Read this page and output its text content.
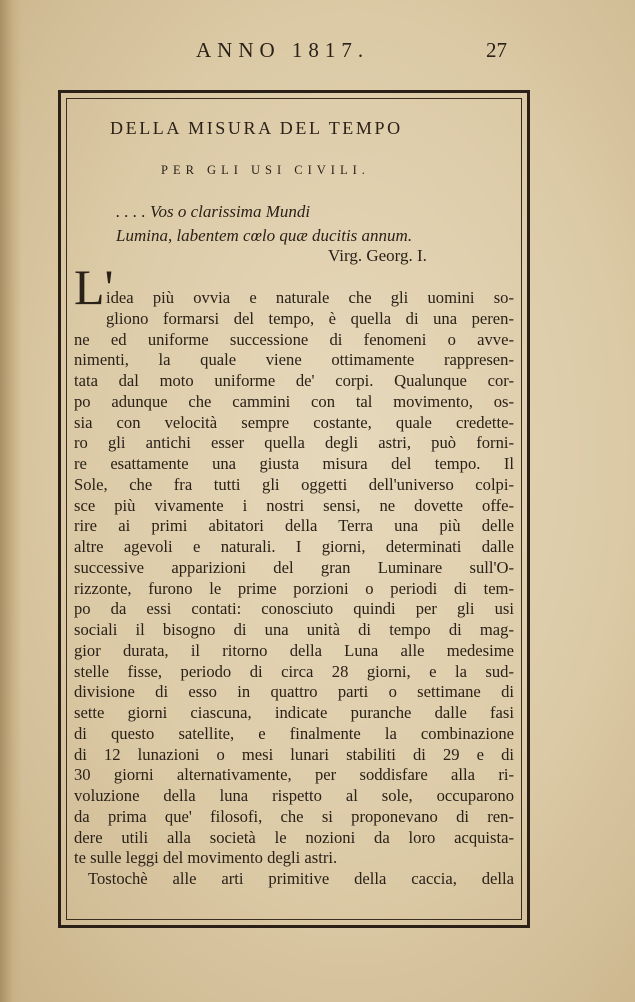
ANNO 1817.	27
DELLA MISURA DEL TEMPO
PER GLI USI CIVILI.
. . . . Vos o clarissima Mundi
Lumina, labentem cœlo quæ ducitis annum.
Virg. Georg. I.
L'
idea più ovvia e naturale che gli uomini so-
gliono formarsi del tempo, è quella di una peren-
ne ed uniforme successione di fenomeni o avve-
nimenti, la quale viene ottimamente rappresen-
tata dal moto uniforme de' corpi. Qualunque cor-
po adunque che cammini con tal movimento, os-
sia con velocità sempre costante, quale credette-
ro gli antichi esser quella degli astri, può forni-
re esattamente una giusta misura del tempo. Il
Sole, che fra tutti gli oggetti dell'universo colpi-
sce più vivamente i nostri sensi, ne dovette offe-
rire ai primi abitatori della Terra una più delle
altre agevoli e naturali. I giorni, determinati dalle
successive apparizioni del gran Luminare sull'O-
rizzonte, furono le prime porzioni o periodi di tem-
po da essi contati: conosciuto quindi per gli usi
sociali il bisogno di una unità di tempo di mag-
gior durata, il ritorno della Luna alle medesime
stelle fisse, periodo di circa 28 giorni, e la sud-
divisione di esso in quattro parti o settimane di
sette giorni ciascuna, indicate puranche dalle fasi
di questo satellite, e finalmente la combinazione
di 12 lunazioni o mesi lunari stabiliti di 29 e di
30 giorni alternativamente, per soddisfare alla ri-
voluzione della luna rispetto al sole, occuparono
da prima que' filosofi, che si proponevano di ren-
dere utili alla società le nozioni da loro acquista-
te sulle leggi del movimento degli astri.
Tostochè alle arti primitive della caccia, della
